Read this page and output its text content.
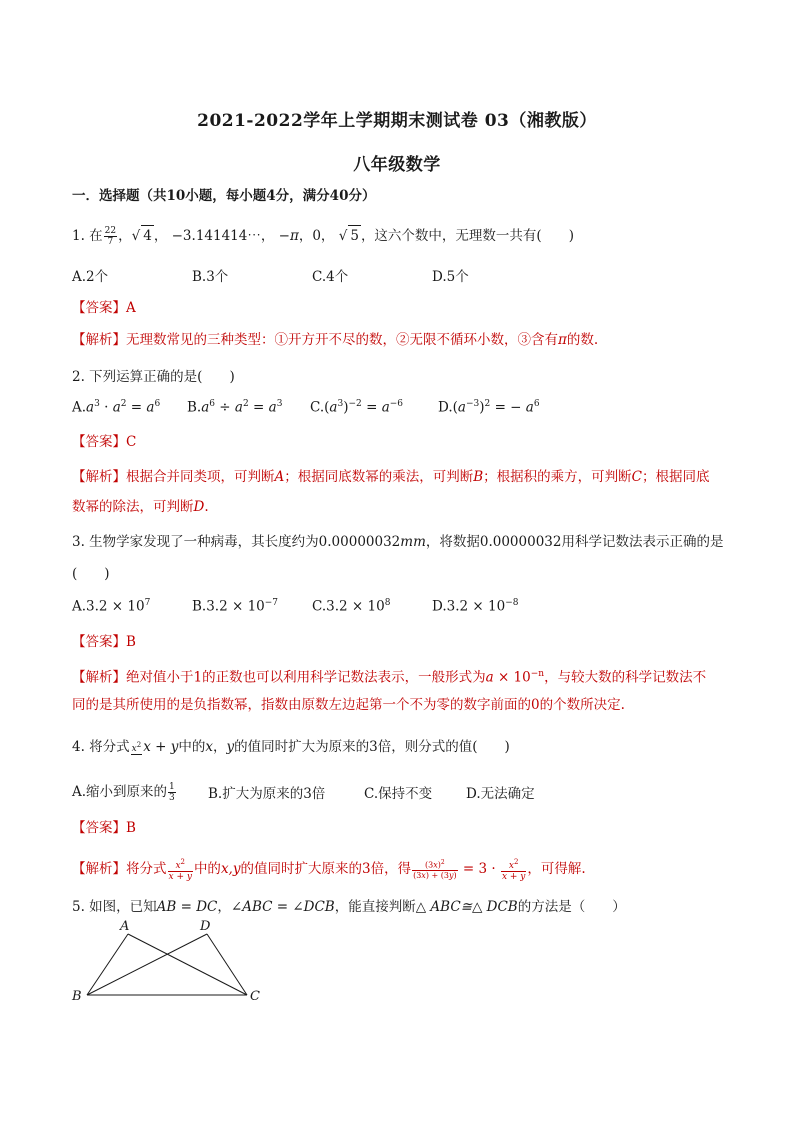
2021-2022学年上学期期末测试卷 03（湘教版）
八年级数学
一．选择题（共10小题，每小题4分，满分40分）
1. 在 $\frac{22}{7}$ ，√ 4 ， −3.141414⋯， −π，0， √ 5 ，这六个数中，无理数一共有(　　)
A.2个	B.3个	C.4个	D.5个
【答案】A
【解析】无理数常见的三种类型：①开方开不尽的数，②无限不循环小数，③含有π的数.
2. 下列运算正确的是(　　)
$A.a^3 \cdot a^2 = a^6$ $B.a^6 \div a^2 = a^3$ $C.(a^3)^{-2} = a^{-6}$	$D.(a^{-3})^2$ = − $a^6$
【答案】C
【解析】根据合并同类项，可判断A；根据同底数幂的乘法，可判断B；根据积的乘方，可判断C；根据同底
数幂的除法，可判断D.
3. 生物学家发现了一种病毒，其长度约为0.00000032mm，将数据0.00000032用科学记数法表示正确的是
(　　)
$A.3.2 \times 10^7$	$B.3.2 \times 10^{-7}$	$C.3.2 \times 10^8$	$D.3.2 \times 10^{-8}$
【答案】B
【解析】绝对值小于1的正数也可以利用科学记数法表示，一般形式为$a \times 10^{-n}$，与较大数的科学记数法不
同的是其所使用的是负指数幂，指数由原数左边起第一个不为零的数字前面的0的个数所决定.
4. 将分式 $x^2$ x + y中的x，y的值同时扩大为原来的3倍，则分式的值(　　)
A.缩小到原来的 $\frac{1}{3} B$.扩大为原来的3倍	C.保持不变	D.无法确定
【答案】B
【解析】将分式 $\frac{x^2}{x + y}$ 中的x,y的值同时扩大原来的3倍，得 $\frac{(3x)^2}{(3x) + (3y)} = 3 \cdot \frac{x^2}{x + y}$ ，可得解.
5. 如图，已知AB = DC，∠ABC = ∠DCB，能直接判断△ ABC≅△ DCB的方法是（　　）
A	D
B	C
